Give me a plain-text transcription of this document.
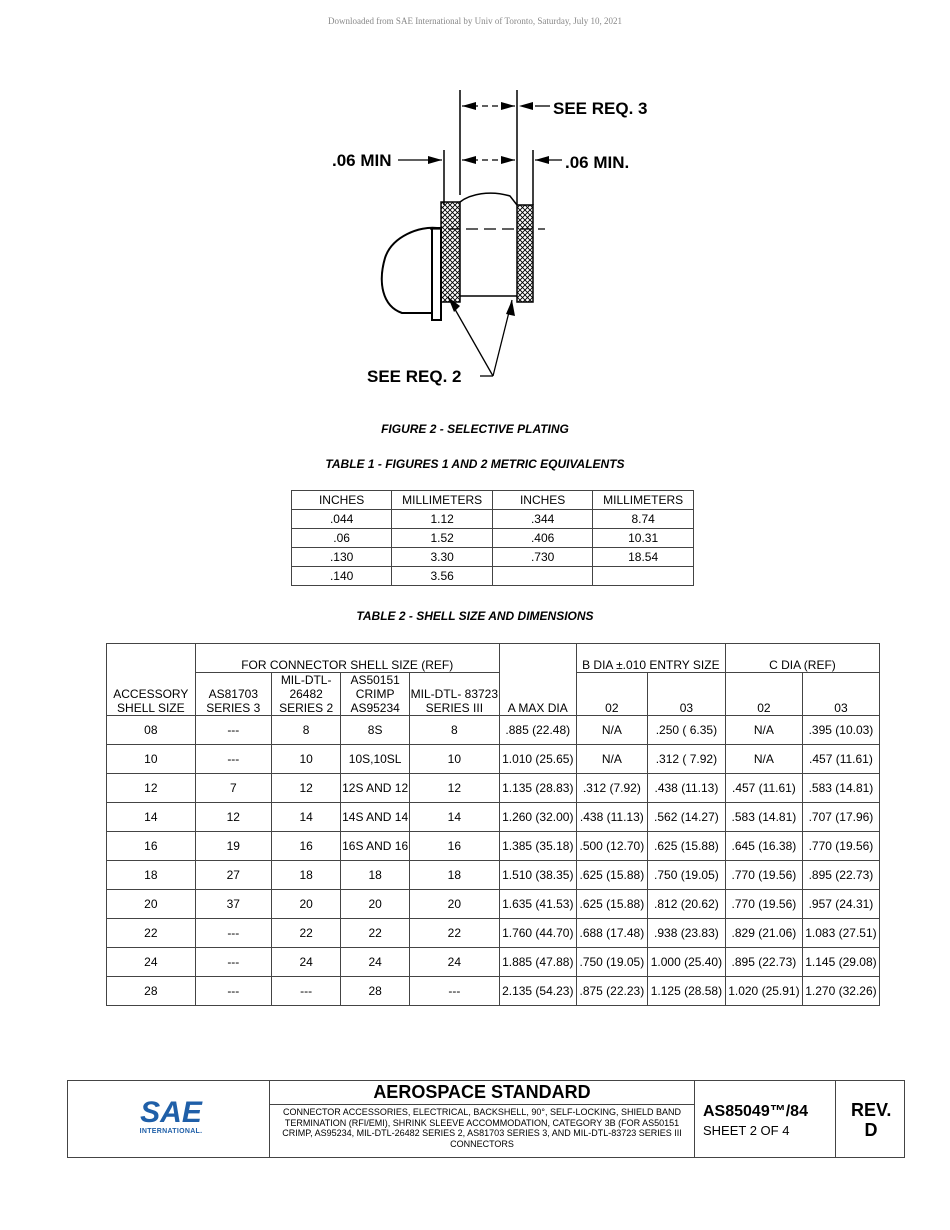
Downloaded from SAE International by Univ of Toronto, Saturday, July 10, 2021
SEE REQ. 3
.06 MIN	.06 MIN.
SEE REQ. 2
FIGURE 2 - SELECTIVE PLATING
TABLE 1 - FIGURES 1 AND 2 METRIC EQUIVALENTS
INCHES	MILLIMETERS	INCHES	MILLIMETERS
.044	1.12	.344	8.74
.06	1.52	.406	10.31
.130	3.30	.730	18.54
.140	3.56		
TABLE 2 - SHELL SIZE AND DIMENSIONS
ACCESSORY SHELL SIZE	FOR CONNECTOR SHELL SIZE (REF)				A MAX DIA	B DIA ±.010 ENTRY SIZE		C DIA (REF)	
	AS81703 SERIES 3	MIL-DTL- 26482 SERIES 2	AS50151 CRIMP AS95234	MIL-DTL- 83723 SERIES III		02	03	02	03
08	---	8	8S	8	.885 (22.48)	N/A	.250 ( 6.35)	N/A	.395 (10.03)
10	---	10	10S,10SL	10	1.010 (25.65)	N/A	.312 ( 7.92)	N/A	.457 (11.61)
12	7	12	12S AND 12	12	1.135 (28.83)	.312 (7.92)	.438 (11.13)	.457 (11.61)	.583 (14.81)
14	12	14	14S AND 14	14	1.260 (32.00)	.438 (11.13)	.562 (14.27)	.583 (14.81)	.707 (17.96)
16	19	16	16S AND 16	16	1.385 (35.18)	.500 (12.70)	.625 (15.88)	.645 (16.38)	.770 (19.56)
18	27	18	18	18	1.510 (38.35)	.625 (15.88)	.750 (19.05)	.770 (19.56)	.895 (22.73)
20	37	20	20	20	1.635 (41.53)	.625 (15.88)	.812 (20.62)	.770 (19.56)	.957 (24.31)
22	---	22	22	22	1.760 (44.70)	.688 (17.48)	.938 (23.83)	.829 (21.06)	1.083 (27.51)
24	---	24	24	24	1.885 (47.88)	.750 (19.05)	1.000 (25.40)	.895 (22.73)	1.145 (29.08)
28	---	---	28	---	2.135 (54.23)	.875 (22.23)	1.125 (28.58)	1.020 (25.91)	1.270 (32.26)
SAE
INTERNATIONAL.
AEROSPACE STANDARD
CONNECTOR ACCESSORIES, ELECTRICAL, BACKSHELL, 90°, SELF-LOCKING, SHIELD BAND TERMINATION (RFI/EMI), SHRINK SLEEVE ACCOMMODATION, CATEGORY 3B (FOR AS50151 CRIMP, AS95234, MIL-DTL-26482 SERIES 2, AS81703 SERIES 3, AND MIL-DTL-83723 SERIES III CONNECTORS
AS85049™/84
SHEET 2 OF 4
REV. D
